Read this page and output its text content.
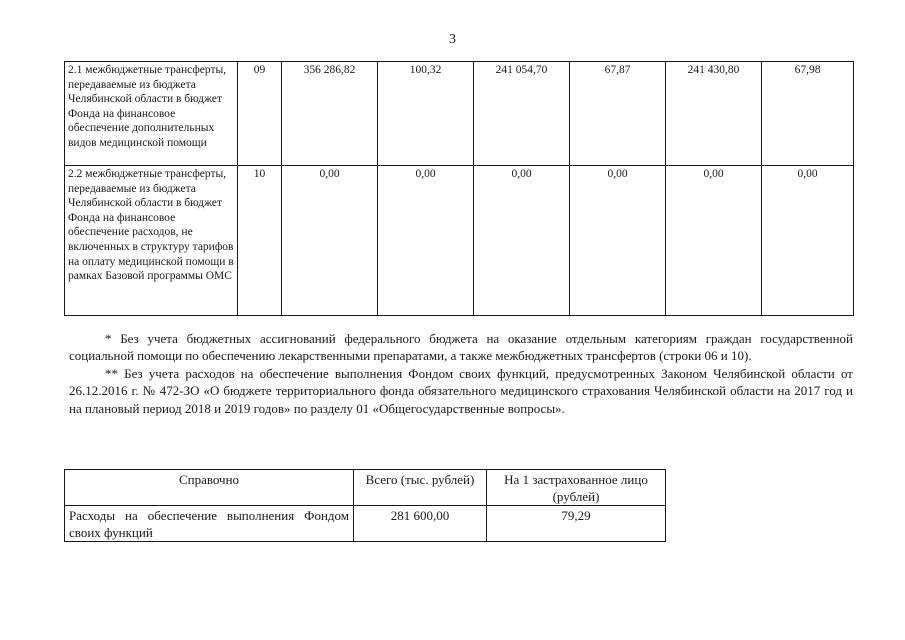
3
2.1 межбюджетные трансферты, передаваемые из бюджета Челябинской области в бюджет Фонда на финансовое обеспечение дополнительных видов медицинской помощи	09	356 286,82	100,32	241 054,70	67,87	241 430,80	67,98
2.2 межбюджетные трансферты, передаваемые из бюджета Челябинской области в бюджет Фонда на финансовое обеспечение расходов, не включенных в структуру тарифов на оплату медицинской помощи в рамках Базовой программы ОМС	10	0,00	0,00	0,00	0,00	0,00	0,00

* Без учета бюджетных ассигнований федерального бюджета на оказание отдельным категориям граждан государственной социальной помощи по обеспечению лекарственными препаратами, а также межбюджетных трансфертов (строки 06 и 10).

** Без учета расходов на обеспечение выполнения Фондом своих функций, предусмотренных Законом Челябинской области от 26.12.2016 г. № 472-ЗО «О бюджете территориального фонда обязательного медицинского страхования Челябинской области на 2017 год и на плановый период 2018 и 2019 годов» по разделу 01 «Общегосударственные вопросы».

Справочно	Всего (тыс. рублей)	На 1 застрахованное лицо (рублей)
Расходы на обеспечение выполнения Фондом своих функций	281 600,00	79,29
